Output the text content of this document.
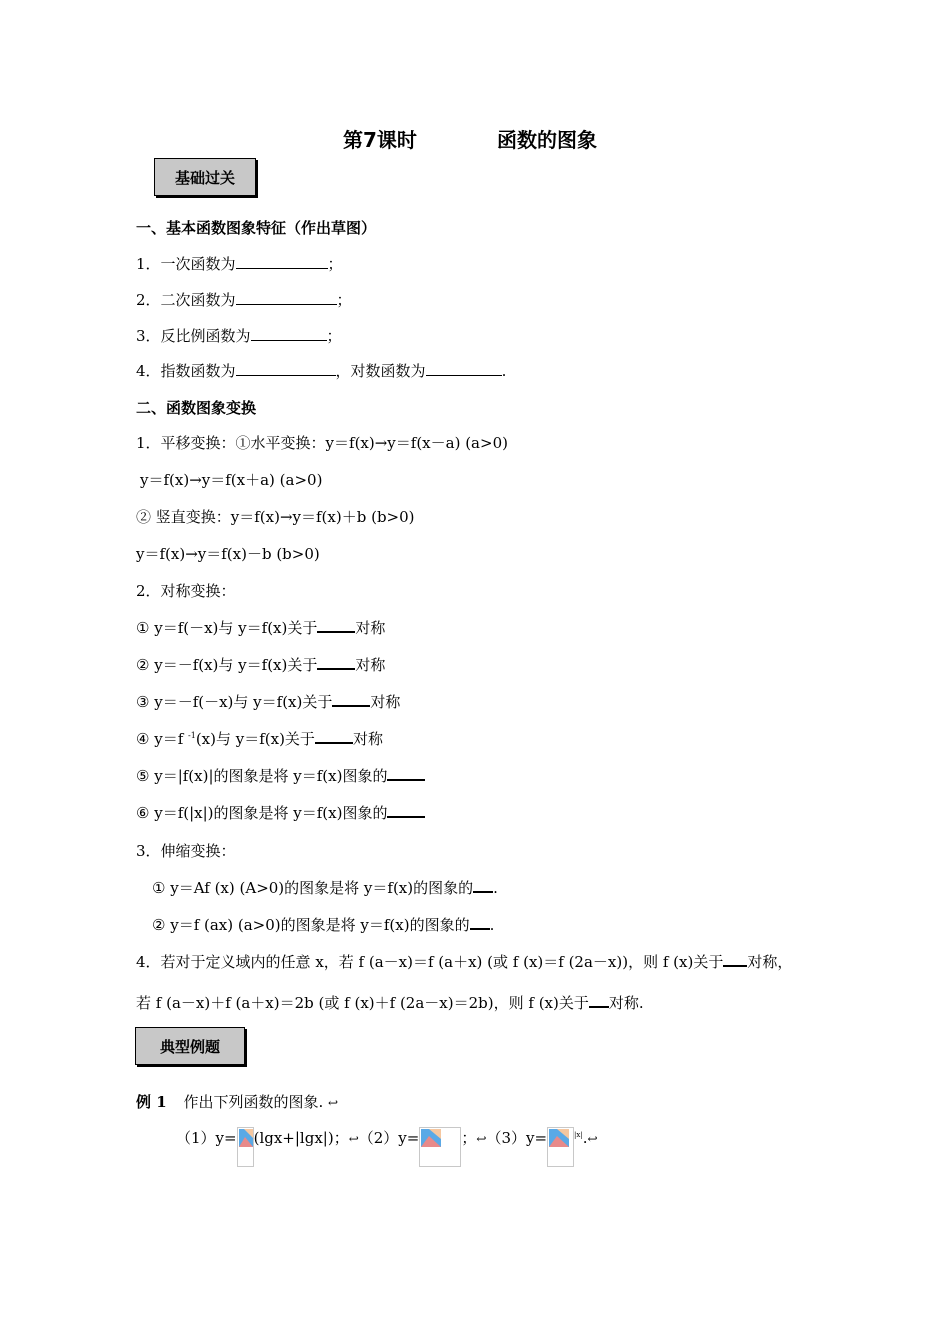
第7课时	函数的图象
基础过关
一、基本函数图象特征（作出草图）
1．一次函数为	；
2．二次函数为	；
3．反比例函数为	；
4．指数函数为	，对数函数为	.
二、函数图象变换
1．平移变换：①水平变换：y＝f(x)→y＝f(x－a) (a>0)
y＝f(x)→y＝f(x＋a) (a>0)
② 竖直变换：y＝f(x)→y＝f(x)＋b (b>0)
y＝f(x)→y＝f(x)－b (b>0)
2．对称变换：
① y＝f(－x)与 y＝f(x)关于	对称
② y＝－f(x)与 y＝f(x)关于	对称
③ y＝－f(－x)与 y＝f(x)关于	对称
④ y＝f $^{-1}$(x)与 y＝f(x)关于	对称
⑤ y＝|f(x)|的图象是将 y＝f(x)图象的
⑥ y＝f(|x|)的图象是将 y＝f(x)图象的
3．伸缩变换：
① y＝Af (x) (A>0)的图象是将 y＝f(x)的图象的 .
② y＝f (ax) (a>0)的图象是将 y＝f(x)的图象的 .
4．若对于定义域内的任意 x，若 f (a－x)＝f (a＋x) (或 f (x)＝f (2a－x))，则 f (x)关于 对称，
若 f (a－x)＋f (a＋x)＝2b (或 f (x)＋f (2a－x)＝2b)，则 f (x)关于 对称.
典型例题
例 1 作出下列函数的图象. ↩
（1）y= (lgx+|lgx|)；↩（2）y=	；↩（3）y=	$^{|x|}$.↩
